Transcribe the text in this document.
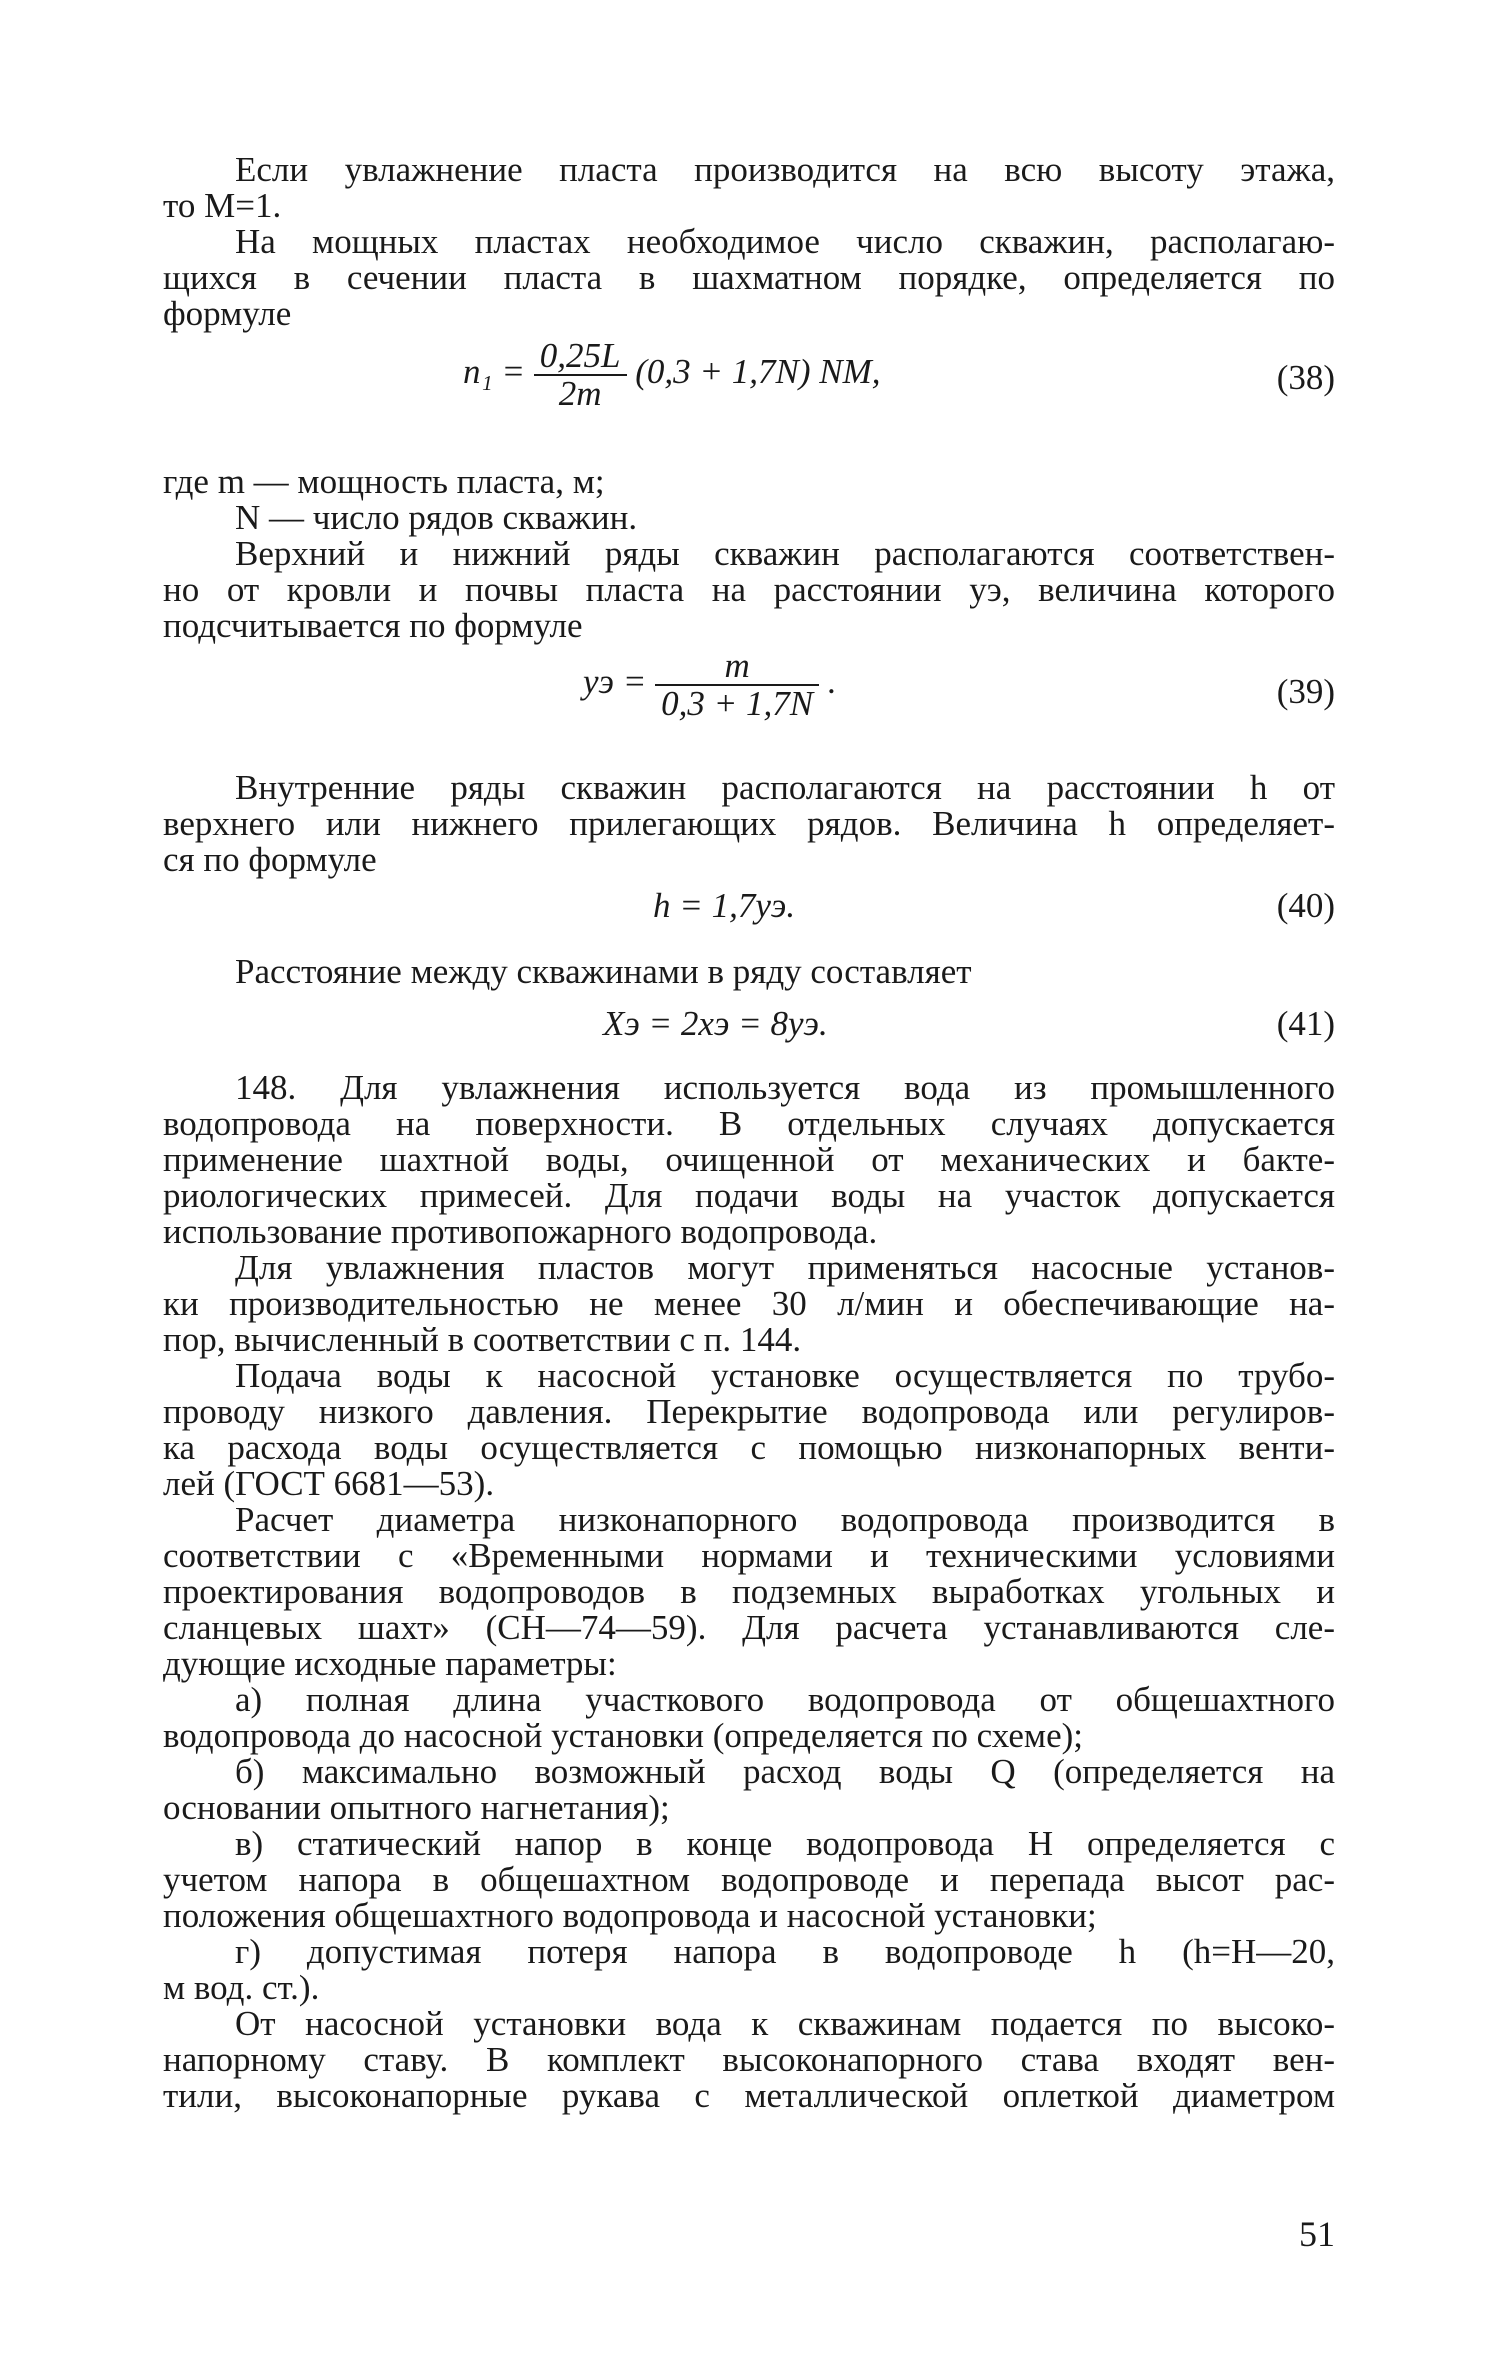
Если увлажнение пласта производится на всю высоту этажа,

то M=1.

На мощных пластах необходимое число скважин, располагаю-

щихся в сечении пласта в шахматном порядке, определяется по
формуле

$n_1 = \frac{0,25L}{2m} (0,3 + 1,7N)$ NM,	(38)

где m — мощность пласта, м;

N — число рядов скважин.

Верхний и нижний ряды скважин располагаются соответствен-

но от кровли и почвы пласта на расстоянии yэ, величина которого
подсчитывается по формуле

yэ = $\frac{m}{0,3 + 1,7N}$ .	(39)

Внутренние ряды скважин располагаются на расстоянии h от

верхнего или нижнего прилегающих рядов. Величина h определяет-
ся по формуле

h = 1,7yэ.	(40)

Расстояние между скважинами в ряду составляет

Xэ = 2xэ = 8yэ.	(41)

148. Для увлажнения используется вода из промышленного

водопровода на поверхности. В отдельных случаях допускается
применение шахтной воды, очищенной от механических и бакте-
риологических примесей. Для подачи воды на участок допускается
использование противопожарного водопровода.

Для увлажнения пластов могут применяться насосные установ-

ки производительностью не менее 30 л/мин и обеспечивающие на-
пор, вычисленный в соответствии с п. 144.

Подача воды к насосной установке осуществляется по трубо-

проводу низкого давления. Перекрытие водопровода или регулиров-
ка расхода воды осуществляется с помощью низконапорных венти-
лей (ГОСТ 6681—53).

Расчет диаметра низконапорного водопровода производится в

соответствии с «Временными нормами и техническими условиями
проектирования водопроводов в подземных выработках угольных и
сланцевых шахт» (СН—74—59). Для расчета устанавливаются сле-
дующие исходные параметры:

а) полная длина участкового водопровода от общешахтного

водопровода до насосной установки (определяется по схеме);

б) максимально возможный расход воды Q (определяется на

основании опытного нагнетания);

в) статический напор в конце водопровода H определяется с

учетом напора в общешахтном водопроводе и перепада высот рас-
положения общешахтного водопровода и насосной установки;

г) допустимая потеря напора в водопроводе h (h=H—20,

м вод. ст.).

От насосной установки вода к скважинам подается по высоко-

напорному ставу. В комплект высоконапорного става входят вен-
тили, высоконапорные рукава с металлической оплеткой диаметром

51
